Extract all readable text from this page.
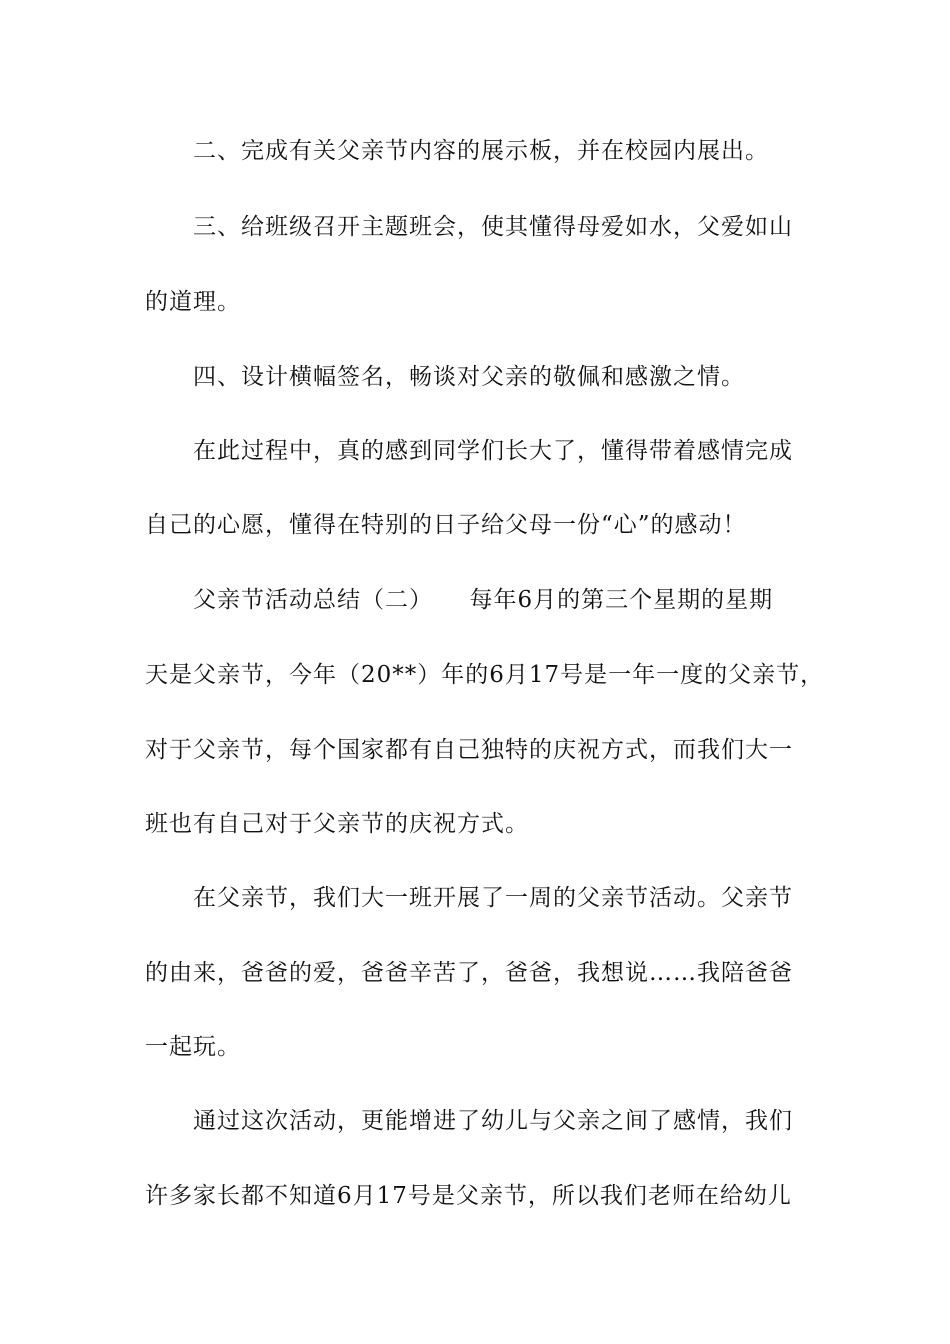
二、完成有关父亲节内容的展示板，并在校园内展出。
三、给班级召开主题班会，使其懂得母爱如水，父爱如山
的道理。
四、设计横幅签名，畅谈对父亲的敬佩和感激之情。
在此过程中，真的感到同学们长大了，懂得带着感情完成
自己的心愿，懂得在特别的日子给父母一份“心”的感动！
父亲节活动总结（二）　　每年6月的第三个星期的星期
天是父亲节，今年（20**）年的6月17号是一年一度的父亲节，
对于父亲节，每个国家都有自己独特的庆祝方式，而我们大一
班也有自己对于父亲节的庆祝方式。
在父亲节，我们大一班开展了一周的父亲节活动。父亲节
的由来，爸爸的爱，爸爸辛苦了，爸爸，我想说……我陪爸爸
一起玩。
通过这次活动，更能增进了幼儿与父亲之间了感情，我们
许多家长都不知道6月17号是父亲节，所以我们老师在给幼儿
